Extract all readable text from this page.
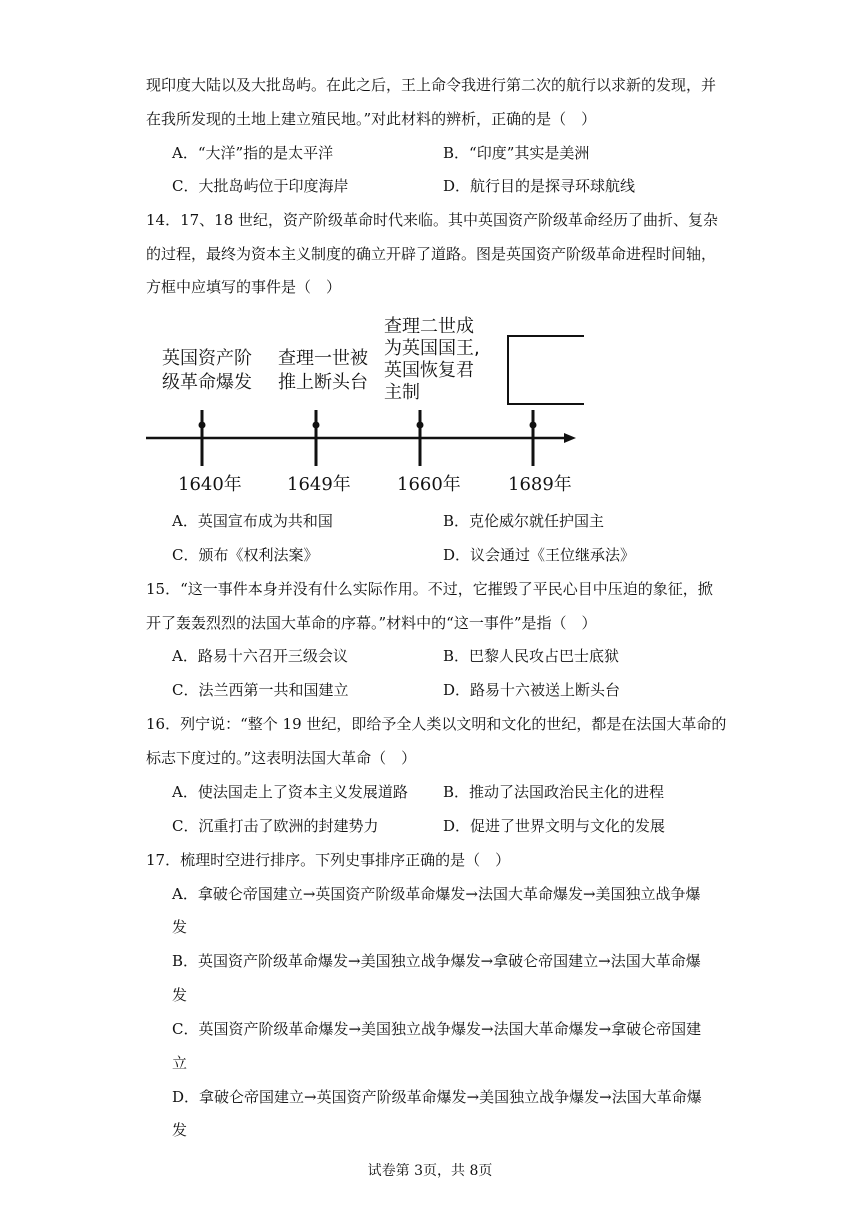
现印度大陆以及大批岛屿。在此之后，王上命令我进行第二次的航行以求新的发现，并
在我所发现的土地上建立殖民地。”对此材料的辨析，正确的是（　）
A．“大洋”指的是太平洋	B．“印度”其实是美洲
C．大批岛屿位于印度海岸	D．航行目的是探寻环球航线
14．17、18 世纪，资产阶级革命时代来临。其中英国资产阶级革命经历了曲折、复杂
的过程，最终为资本主义制度的确立开辟了道路。图是英国资产阶级革命进程时间轴，
方框中应填写的事件是（　）
英国资产阶
级革命爆发
1640年
查理一世被
推上断头台
1649年
查理二世成
为英国国王,
英国恢复君
主制
1660年	1689年
A．英国宣布成为共和国	B．克伦威尔就任护国主
C．颁布《权利法案》	D．议会通过《王位继承法》
15．“这一事件本身并没有什么实际作用。不过，它摧毁了平民心目中压迫的象征，掀
开了轰轰烈烈的法国大革命的序幕。”材料中的“这一事件”是指（　）
A．路易十六召开三级会议	B．巴黎人民攻占巴士底狱
C．法兰西第一共和国建立	D．路易十六被送上断头台
16．列宁说：“整个 19 世纪，即给予全人类以文明和文化的世纪，都是在法国大革命的
标志下度过的。”这表明法国大革命（　）
A．使法国走上了资本主义发展道路 B．推动了法国政治民主化的进程
C．沉重打击了欧洲的封建势力	D．促进了世界文明与文化的发展
17．梳理时空进行排序。下列史事排序正确的是（　）
A．拿破仑帝国建立→英国资产阶级革命爆发→法国大革命爆发→美国独立战争爆
发
B．英国资产阶级革命爆发→美国独立战争爆发→拿破仑帝国建立→法国大革命爆
发
C．英国资产阶级革命爆发→美国独立战争爆发→法国大革命爆发→拿破仑帝国建
立
D．拿破仑帝国建立→英国资产阶级革命爆发→美国独立战争爆发→法国大革命爆
发
试卷第 3页，共 8页
